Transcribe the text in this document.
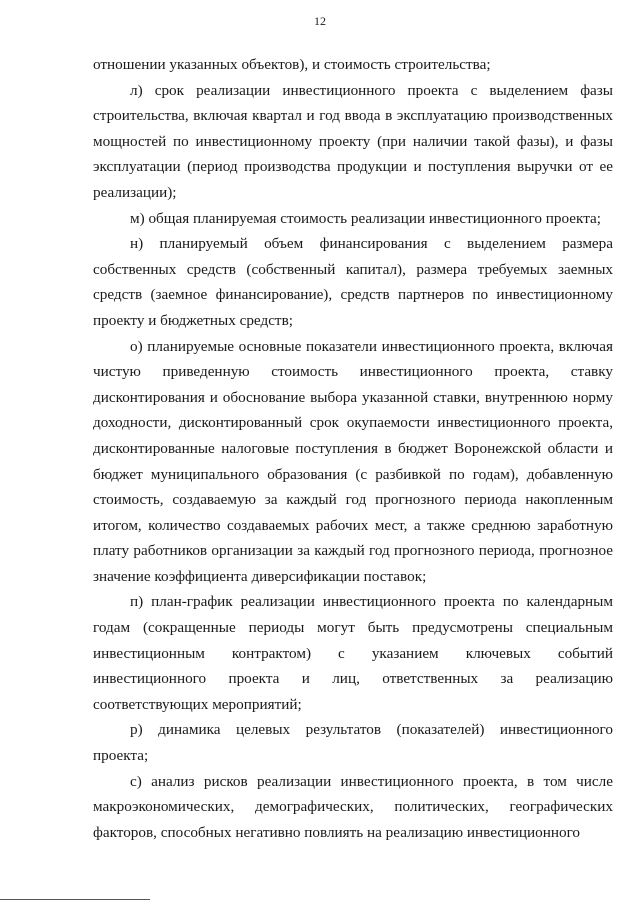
12

отношении указанных объектов), и стоимость строительства;

л) срок реализации инвестиционного проекта с выделением фазы строительства, включая квартал и год ввода в эксплуатацию производственных мощностей по инвестиционному проекту (при наличии такой фазы), и фазы эксплуатации (период производства продукции и поступления выручки от ее реализации);

м) общая планируемая стоимость реализации инвестиционного проекта;

н) планируемый объем финансирования с выделением размера собственных средств (собственный капитал), размера требуемых заемных средств (заемное финансирование), средств партнеров по инвестиционному проекту и бюджетных средств;

о) планируемые основные показатели инвестиционного проекта, включая чистую приведенную стоимость инвестиционного проекта, ставку дисконтирования и обоснование выбора указанной ставки, внутреннюю норму доходности, дисконтированный срок окупаемости инвестиционного проекта, дисконтированные налоговые поступления в бюджет Воронежской области и бюджет муниципального образования (с разбивкой по годам), добавленную стоимость, создаваемую за каждый год прогнозного периода накопленным итогом, количество создаваемых рабочих мест, а также среднюю заработную плату работников организации за каждый год прогнозного периода, прогнозное значение коэффициента диверсификации поставок;

п) план-график реализации инвестиционного проекта по календарным годам (сокращенные периоды могут быть предусмотрены специальным инвестиционным контрактом) с указанием ключевых событий инвестиционного проекта и лиц, ответственных за реализацию соответствующих мероприятий;

р) динамика целевых результатов (показателей) инвестиционного проекта;

с) анализ рисков реализации инвестиционного проекта, в том числе макроэкономических, демографических, политических, географических факторов, способных негативно повлиять на реализацию инвестиционного
